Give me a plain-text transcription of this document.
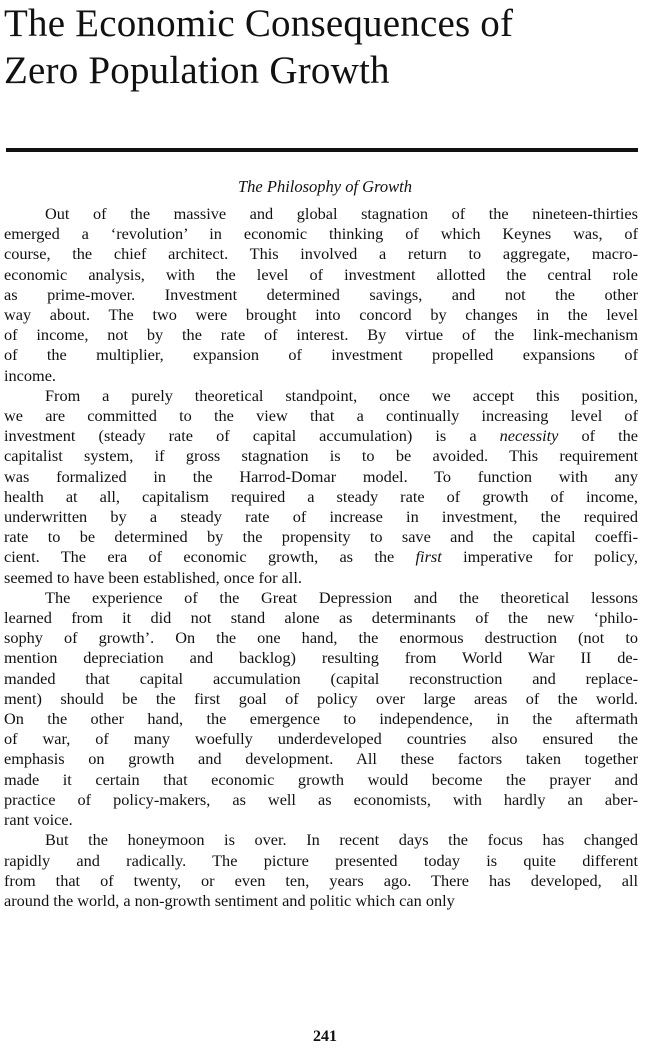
The Economic Consequences of
Zero Population Growth
The Philosophy of Growth
Out of the massive and global stagnation of the nineteen-thirties
emerged a ‘revolution’ in economic thinking of which Keynes was, of
course, the chief architect. This involved a return to aggregate, macro-
economic analysis, with the level of investment allotted the central role
as prime-mover. Investment determined savings, and not the other
way about. The two were brought into concord by changes in the level
of income, not by the rate of interest. By virtue of the link-mechanism
of the multiplier, expansion of investment propelled expansions of
income.
From a purely theoretical standpoint, once we accept this position,
we are committed to the view that a continually increasing level of
investment (steady rate of capital accumulation) is a necessity of the
capitalist system, if gross stagnation is to be avoided. This requirement
was formalized in the Harrod-Domar model. To function with any
health at all, capitalism required a steady rate of growth of income,
underwritten by a steady rate of increase in investment, the required
rate to be determined by the propensity to save and the capital coeffi-
cient. The era of economic growth, as the first imperative for policy,
seemed to have been established, once for all.
The experience of the Great Depression and the theoretical lessons
learned from it did not stand alone as determinants of the new ‘philo-
sophy of growth’. On the one hand, the enormous destruction (not to
mention depreciation and backlog) resulting from World War II de-
manded that capital accumulation (capital reconstruction and replace-
ment) should be the first goal of policy over large areas of the world.
On the other hand, the emergence to independence, in the aftermath
of war, of many woefully underdeveloped countries also ensured the
emphasis on growth and development. All these factors taken together
made it certain that economic growth would become the prayer and
practice of policy-makers, as well as economists, with hardly an aber-
rant voice.
But the honeymoon is over. In recent days the focus has changed
rapidly and radically. The picture presented today is quite different
from that of twenty, or even ten, years ago. There has developed, all
around the world, a non-growth sentiment and politic which can only
241
